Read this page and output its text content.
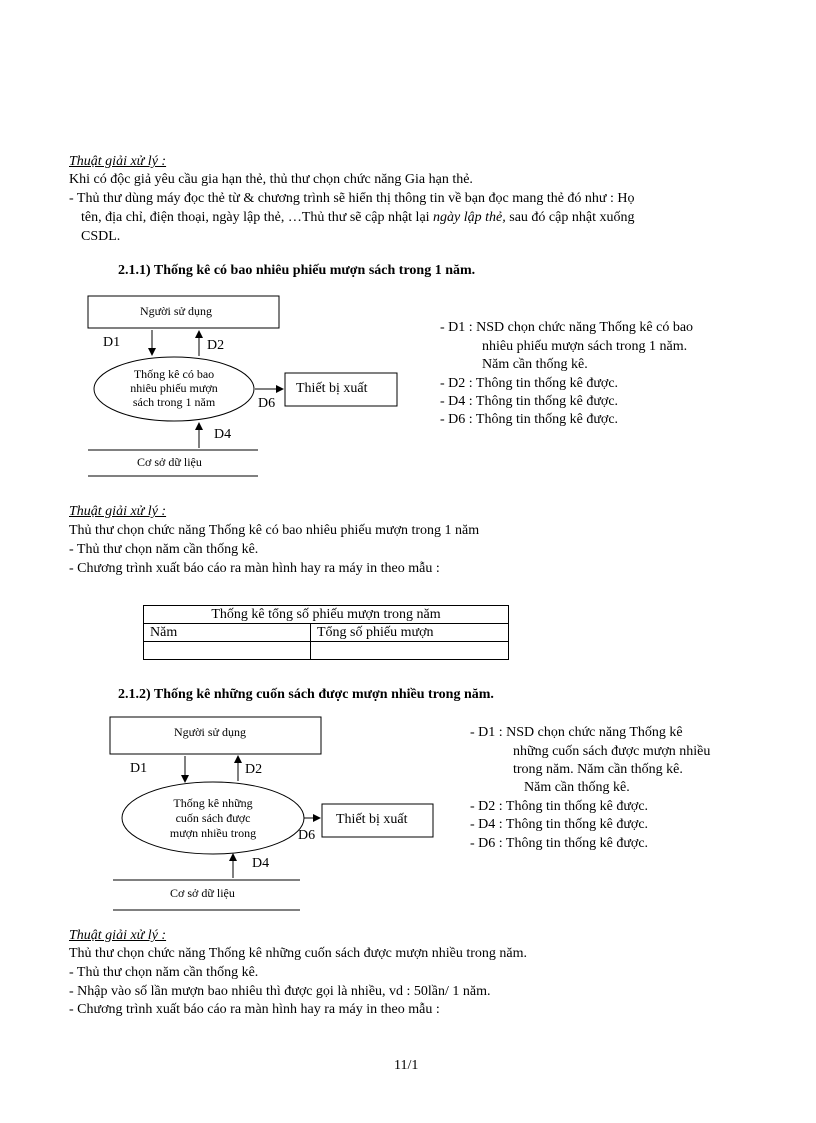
Thuật giải xử lý :
Khi có độc giả yêu cầu gia hạn thẻ, thủ thư chọn chức năng Gia hạn thẻ.
- Thủ thư dùng máy đọc thẻ từ & chương trình sẽ hiển thị thông tin về bạn đọc mang thẻ đó như : Họ
tên, địa chỉ, điện thoại, ngày lập thẻ, …Thủ thư sẽ cập nhật lại ngày lập thẻ, sau đó cập nhật xuống
CSDL.
2.1.1) Thống kê có bao nhiêu phiếu mượn sách trong 1 năm.
Người sử dụng
D1	D2
Thống kê có bao
nhiêu phiếu mượn
sách trong 1 năm
Thiết bị xuất
D6
D4
Cơ sở dữ liệu
- D1 : NSD chọn chức năng Thống kê có bao
nhiêu phiếu mượn sách trong 1 năm.
Năm cần thống kê.
- D2 : Thông tin thống kê được.
- D4 : Thông tin thống kê được.
- D6 : Thông tin thống kê được.
Thuật giải xử lý :
Thủ thư chọn chức năng Thống kê có bao nhiêu phiếu mượn trong 1 năm
- Thủ thư chọn năm cần thống kê.
- Chương trình xuất báo cáo ra màn hình hay ra máy in theo mẫu :
Thống kê tổng số phiếu mượn trong năm	
Năm	Tổng số phiếu mượn

2.1.2) Thống kê những cuốn sách được mượn nhiều trong năm.
Người sử dụng
D1	D2
Thống kê những
cuốn sách được
mượn nhiều trong
Thiết bị xuất
D6
D4
Cơ sở dữ liệu
- D1 : NSD chọn chức năng Thống kê
những cuốn sách được mượn nhiều
trong năm. Năm cần thống kê.
Năm cần thống kê.
- D2 : Thông tin thống kê được.
- D4 : Thông tin thống kê được.
- D6 : Thông tin thống kê được.
Thuật giải xử lý :
Thủ thư chọn chức năng Thống kê những cuốn sách được mượn nhiều trong năm.
- Thủ thư chọn năm cần thống kê.
- Nhập vào số lần mượn bao nhiêu thì được gọi là nhiều, vd : 50lần/ 1 năm.
- Chương trình xuất báo cáo ra màn hình hay ra máy in theo mẫu :
11/1
